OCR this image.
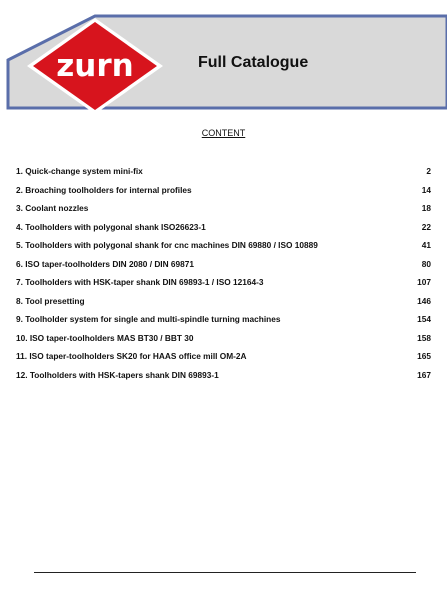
zurn	Full Catalogue
CONTENT
1. Quick-change system mini-fix	2
2. Broaching toolholders for internal profiles	14
3. Coolant nozzles	18
4. Toolholders with polygonal shank ISO26623-1	22
5. Toolholders with polygonal shank for cnc machines DIN 69880 / ISO 10889	41
6. ISO taper-toolholders DIN 2080 / DIN 69871	80
7. Toolholders with HSK-taper shank DIN 69893-1 / ISO 12164-3	107
8. Tool presetting	146
9. Toolholder system for single and multi-spindle turning machines	154
10. ISO taper-toolholders MAS BT30 / BBT 30	158
11. ISO taper-toolholders SK20 for HAAS office mill OM-2A	165
12. Toolholders with HSK-tapers shank DIN 69893-1	167
